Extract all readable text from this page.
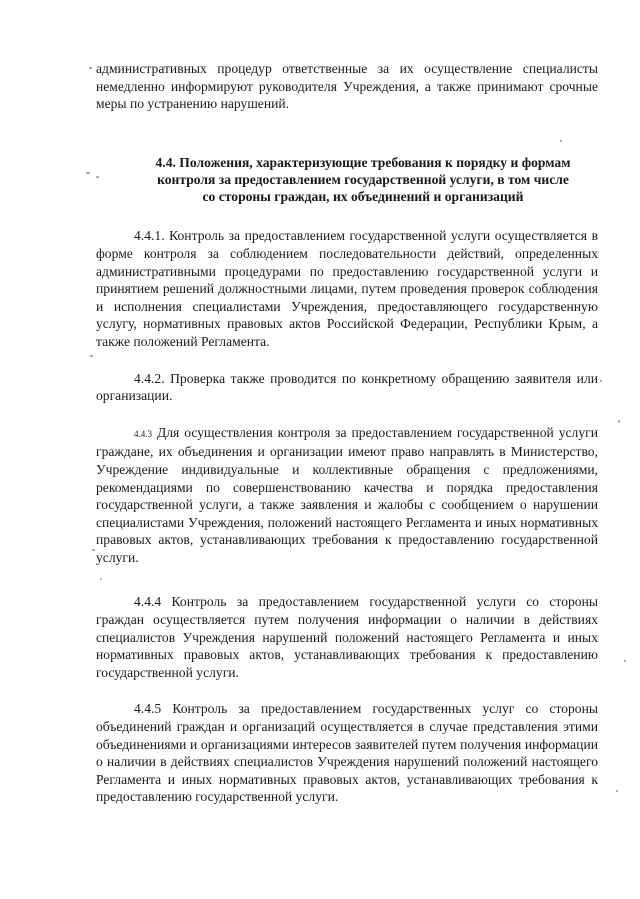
административных процедур ответственные за их осуществление специалисты немедленно информируют руководителя Учреждения, а также принимают срочные меры по устранению нарушений.

4.4. Положения, характеризующие требования к порядку и формам
контроля за предоставлением государственной услуги, в том числе
со стороны граждан, их объединений и организаций

4.4.1. Контроль за предоставлением государственной услуги осуществляется в форме контроля за соблюдением последовательности действий, определенных административными процедурами по предоставлению государственной услуги и принятием решений должностными лицами, путем проведения проверок соблюдения и исполнения специалистами Учреждения, предоставляющего государственную услугу, нормативных правовых актов Российской Федерации, Республики Крым, а также положений Регламента.

4.4.2. Проверка также проводится по конкретному обращению заявителя или организации.

4.4.3 Для осуществления контроля за предоставлением государственной услуги граждане, их объединения и организации имеют право направлять в Министерство, Учреждение индивидуальные и коллективные обращения с предложениями, рекомендациями по совершенствованию качества и порядка предоставления государственной услуги, а также заявления и жалобы с сообщением о нарушении специалистами Учреждения, положений настоящего Регламента и иных нормативных правовых актов, устанавливающих требования к предоставлению государственной услуги.

4.4.4 Контроль за предоставлением государственной услуги со стороны граждан осуществляется путем получения информации о наличии в действиях специалистов Учреждения нарушений положений настоящего Регламента и иных нормативных правовых актов, устанавливающих требования к предоставлению государственной услуги.

4.4.5 Контроль за предоставлением государственных услуг со стороны объединений граждан и организаций осуществляется в случае представления этими объединениями и организациями интересов заявителей путем получения информации о наличии в действиях специалистов Учреждения нарушений положений настоящего Регламента и иных нормативных правовых актов, устанавливающих требования к предоставлению государственной услуги.
